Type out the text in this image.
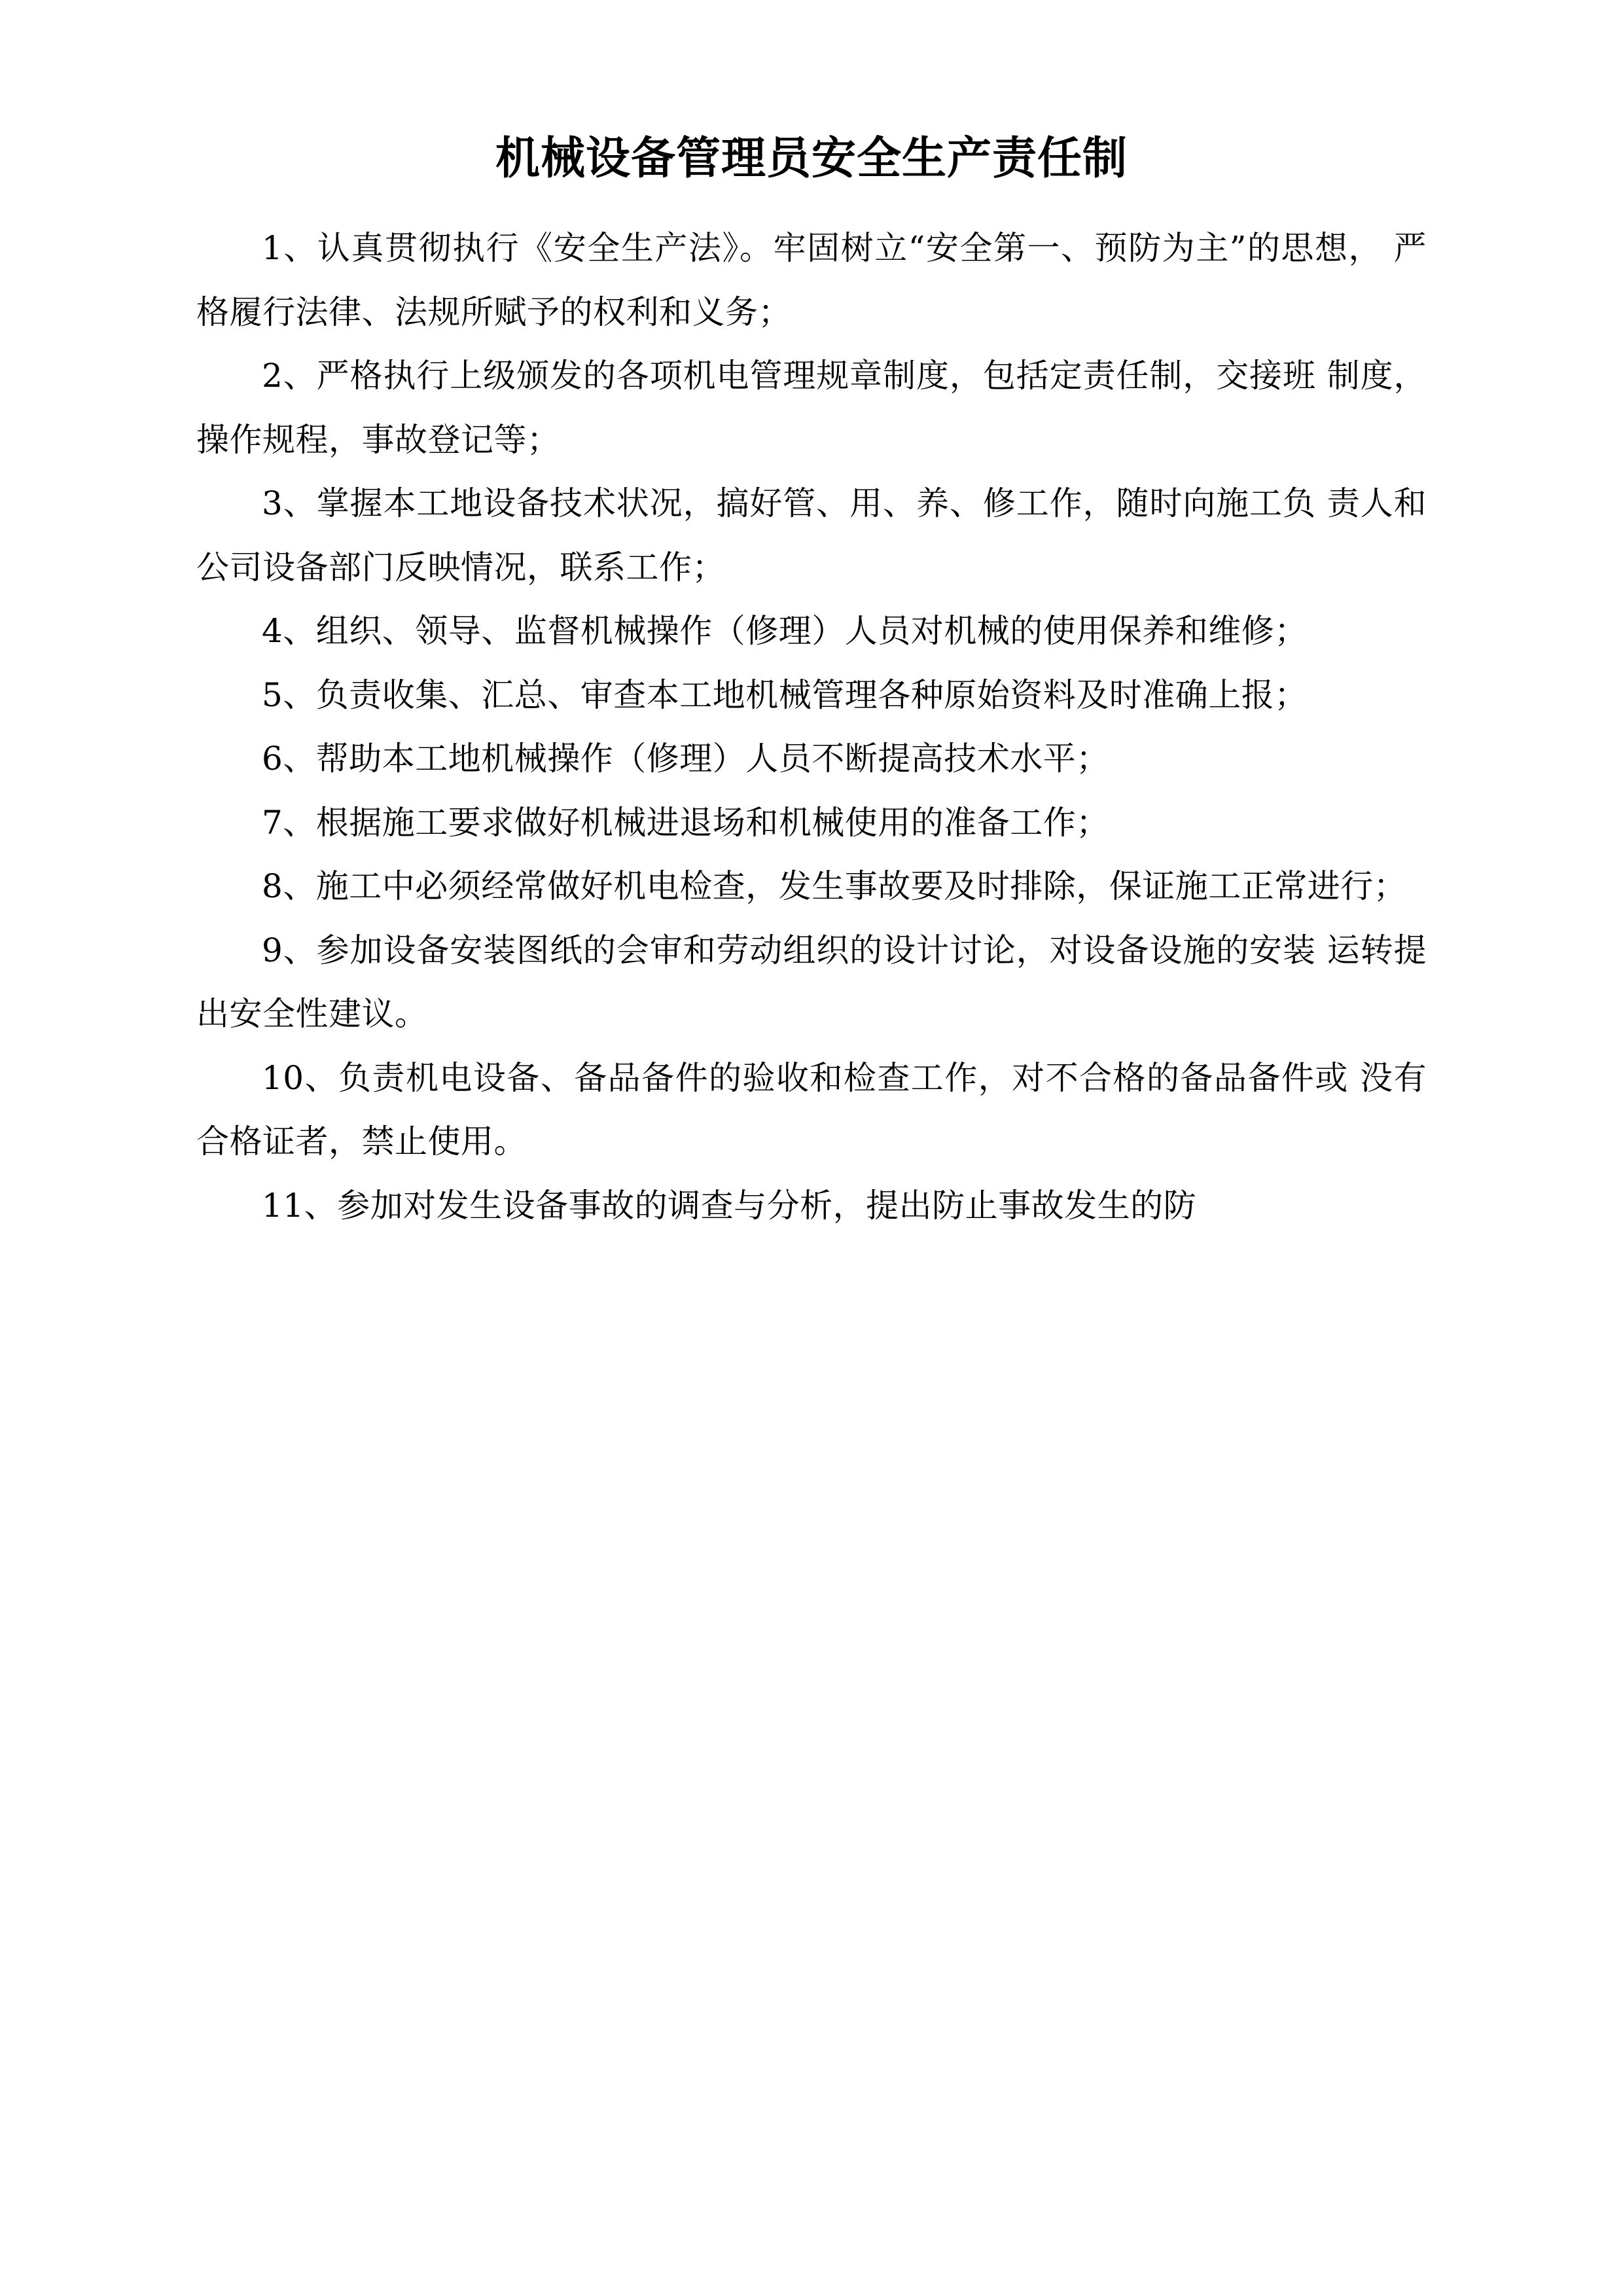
机械设备管理员安全生产责任制

1、认真贯彻执行《安全生产法》。牢固树立“安全第一、预防为主”的思想， 严格履行法律、法规所赋予的权利和义务；

2、严格执行上级颁发的各项机电管理规章制度，包括定责任制，交接班 制度，操作规程，事故登记等；

3、掌握本工地设备技术状况，搞好管、用、养、修工作，随时向施工负 责人和公司设备部门反映情况，联系工作；

4、组织、领导、监督机械操作（修理）人员对机械的使用保养和维修；

5、负责收集、汇总、审查本工地机械管理各种原始资料及时准确上报；

6、帮助本工地机械操作（修理）人员不断提高技术水平；

7、根据施工要求做好机械进退场和机械使用的准备工作；

8、施工中必须经常做好机电检查，发生事故要及时排除，保证施工正常进行；

9、参加设备安装图纸的会审和劳动组织的设计讨论，对设备设施的安装 运转提出安全性建议。

10、负责机电设备、备品备件的验收和检查工作，对不合格的备品备件或 没有合格证者，禁止使用。

11、参加对发生设备事故的调查与分析，提出防止事故发生的防
